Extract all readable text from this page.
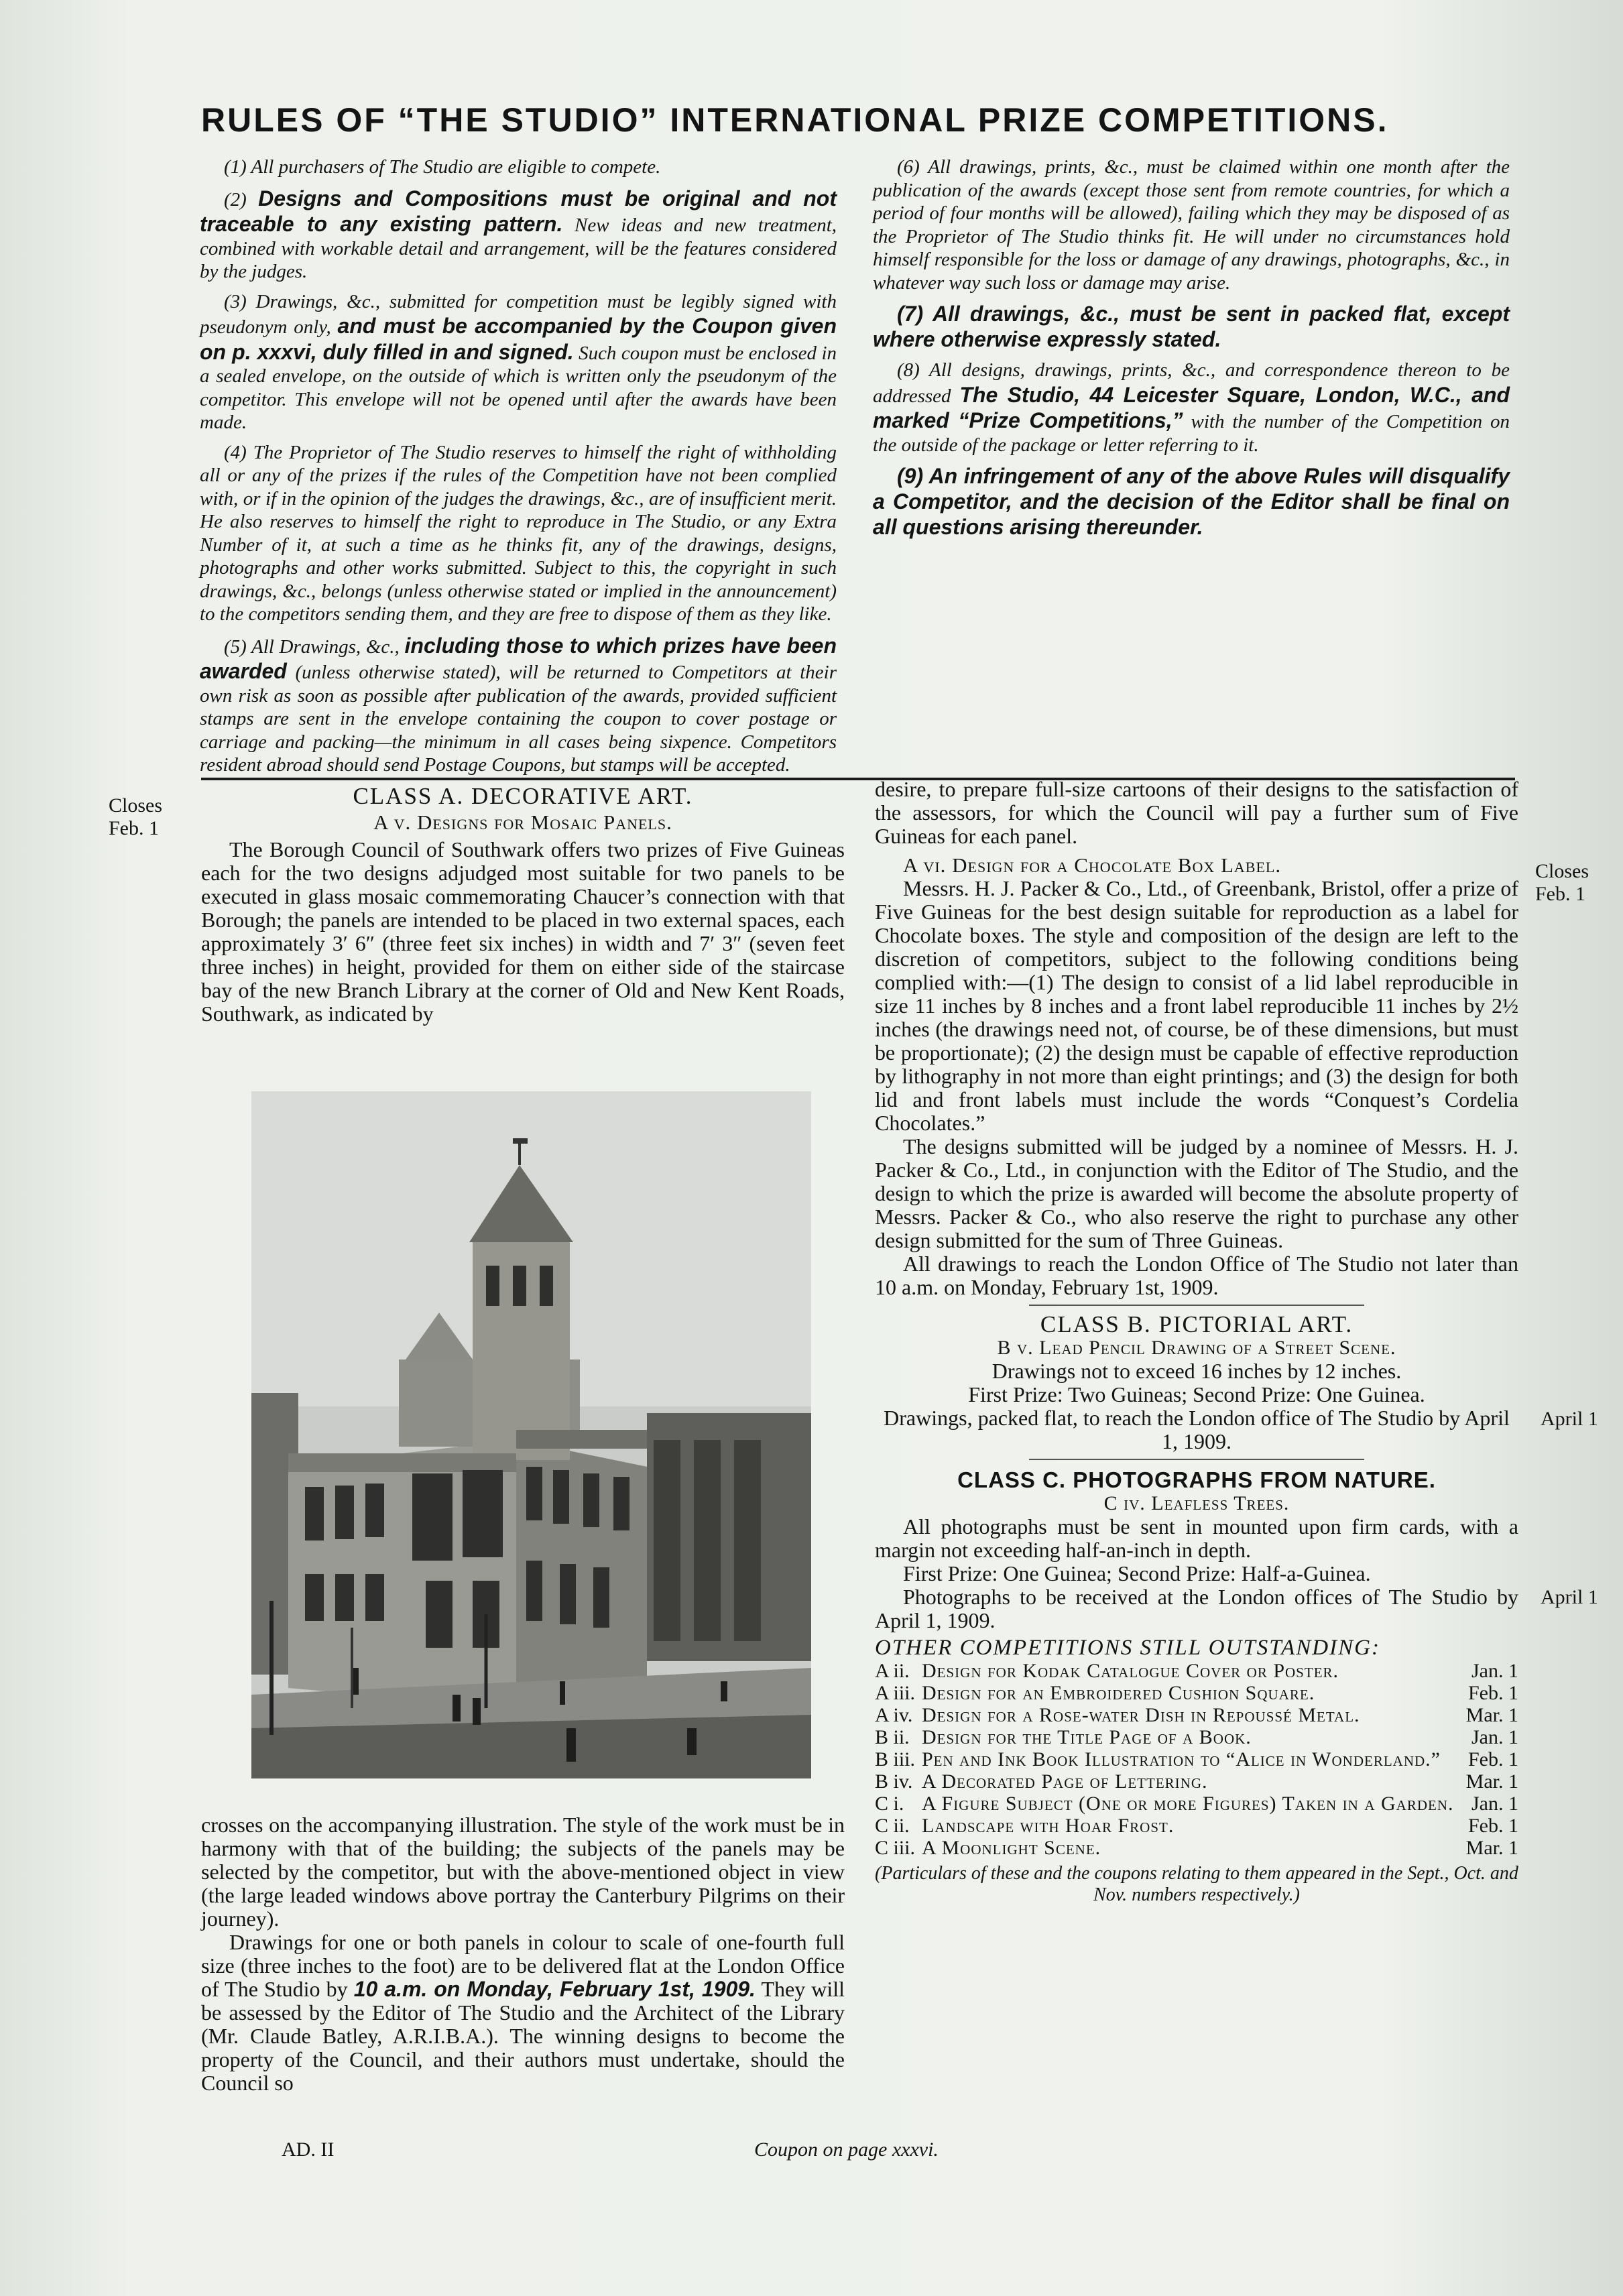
RULES OF “THE STUDIO” INTERNATIONAL PRIZE COMPETITIONS.

(1) All purchasers of The Studio are eligible to compete.

(2) Designs and Compositions must be original and not traceable to any existing pattern. New ideas and new treatment, combined with workable detail and arrangement, will be the features considered by the judges.

(3) Drawings, &c., submitted for competition must be legibly signed with pseudonym only, and must be accompanied by the Coupon given on p. xxxvi, duly filled in and signed. Such coupon must be enclosed in a sealed envelope, on the outside of which is written only the pseudonym of the competitor. This envelope will not be opened until after the awards have been made.

(4) The Proprietor of The Studio reserves to himself the right of withholding all or any of the prizes if the rules of the Competition have not been complied with, or if in the opinion of the judges the drawings, &c., are of insufficient merit. He also reserves to himself the right to reproduce in The Studio, or any Extra Number of it, at such a time as he thinks fit, any of the drawings, designs, photographs and other works submitted. Subject to this, the copyright in such drawings, &c., belongs (unless otherwise stated or implied in the announcement) to the competitors sending them, and they are free to dispose of them as they like.

(5) All Drawings, &c., including those to which prizes have been awarded (unless otherwise stated), will be returned to Competitors at their own risk as soon as possible after publication of the awards, provided sufficient stamps are sent in the envelope containing the coupon to cover postage or carriage and packing—the minimum in all cases being sixpence. Competitors resident abroad should send Postage Coupons, but stamps will be accepted.

(6) All drawings, prints, &c., must be claimed within one month after the publication of the awards (except those sent from remote countries, for which a period of four months will be allowed), failing which they may be disposed of as the Proprietor of The Studio thinks fit. He will under no circumstances hold himself responsible for the loss or damage of any drawings, photographs, &c., in whatever way such loss or damage may arise.

(7) All drawings, &c., must be sent in packed flat, except where otherwise expressly stated.

(8) All designs, drawings, prints, &c., and correspondence thereon to be addressed The Studio, 44 Leicester Square, London, W.C., and marked “Prize Competitions,” with the number of the Competition on the outside of the package or letter referring to it.

(9) An infringement of any of the above Rules will disqualify a Competitor, and the decision of the Editor shall be final on all questions arising thereunder.

Closes
Feb. 1
CLASS A. DECORATIVE ART.
A v. Designs for Mosaic Panels.

The Borough Council of Southwark offers two prizes of Five Guineas each for the two designs adjudged most suitable for two panels to be executed in glass mosaic commemorating Chaucer’s connection with that Borough; the panels are intended to be placed in two external spaces, each approximately 3′ 6″ (three feet six inches) in width and 7′ 3″ (seven feet three inches) in height, provided for them on either side of the staircase bay of the new Branch Library at the corner of Old and New Kent Roads, Southwark, as indicated by

crosses on the accompanying illustration. The style of the work must be in harmony with that of the building; the subjects of the panels may be selected by the competitor, but with the above-mentioned object in view (the large leaded windows above portray the Canterbury Pilgrims on their journey).

Drawings for one or both panels in colour to scale of one-fourth full size (three inches to the foot) are to be delivered flat at the London Office of The Studio by 10 a.m. on Monday, February 1st, 1909. They will be assessed by the Editor of The Studio and the Architect of the Library (Mr. Claude Batley, A.R.I.B.A.). The winning designs to become the property of the Council, and their authors must undertake, should the Council so

desire, to prepare full-size cartoons of their designs to the satisfaction of the assessors, for which the Council will pay a further sum of Five Guineas for each panel.

A vi. Design for a Chocolate Box Label.

Messrs. H. J. Packer & Co., Ltd., of Greenbank, Bristol, offer a prize of Five Guineas for the best design suitable for reproduction as a label for Chocolate boxes. The style and composition of the design are left to the discretion of competitors, subject to the following conditions being complied with:—(1) The design to consist of a lid label reproducible in size 11 inches by 8 inches and a front label reproducible 11 inches by 2½ inches (the drawings need not, of course, be of these dimensions, but must be proportionate); (2) the design must be capable of effective reproduction by lithography in not more than eight printings; and (3) the design for both lid and front labels must include the words “Conquest’s Cordelia Chocolates.”

The designs submitted will be judged by a nominee of Messrs. H. J. Packer & Co., Ltd., in conjunction with the Editor of The Studio, and the design to which the prize is awarded will become the absolute property of Messrs. Packer & Co., who also reserve the right to purchase any other design submitted for the sum of Three Guineas.

All drawings to reach the London Office of The Studio not later than 10 a.m. on Monday, February 1st, 1909.

CLASS B. PICTORIAL ART.
B v. Lead Pencil Drawing of a Street Scene.
Drawings not to exceed 16 inches by 12 inches.
First Prize: Two Guineas; Second Prize: One Guinea.

Drawings, packed flat, to reach the London office of The Studio by April 1, 1909.

CLASS C. PHOTOGRAPHS FROM NATURE.
C iv. Leafless Trees.

All photographs must be sent in mounted upon firm cards, with a margin not exceeding half-an-inch in depth.

First Prize: One Guinea; Second Prize: Half-a-Guinea.

Photographs to be received at the London offices of The Studio by April 1, 1909.

OTHER COMPETITIONS STILL OUTSTANDING:
A ii.	Design for Kodak Catalogue Cover or Poster.	Jan. 1
A iii.	Design for an Embroidered Cushion Square.	Feb. 1
A iv.	Design for a Rose-water Dish in Repoussé Metal.	Mar. 1
B ii.	Design for the Title Page of a Book.	Jan. 1
B iii.	Pen and Ink Book Illustration to “Alice in Wonderland.”	Feb. 1
B iv.	A Decorated Page of Lettering.	Mar. 1
C i.	A Figure Subject (One or more Figures) Taken in a Garden.	Jan. 1
C ii.	Landscape with Hoar Frost.	Feb. 1
C iii.	A Moonlight Scene.	Mar. 1
(Particulars of these and the coupons relating to them appeared in the Sept., Oct. and Nov. numbers respectively.)
Closes
Feb. 1
April 1
April 1
AD. II	Coupon on page xxxvi.
